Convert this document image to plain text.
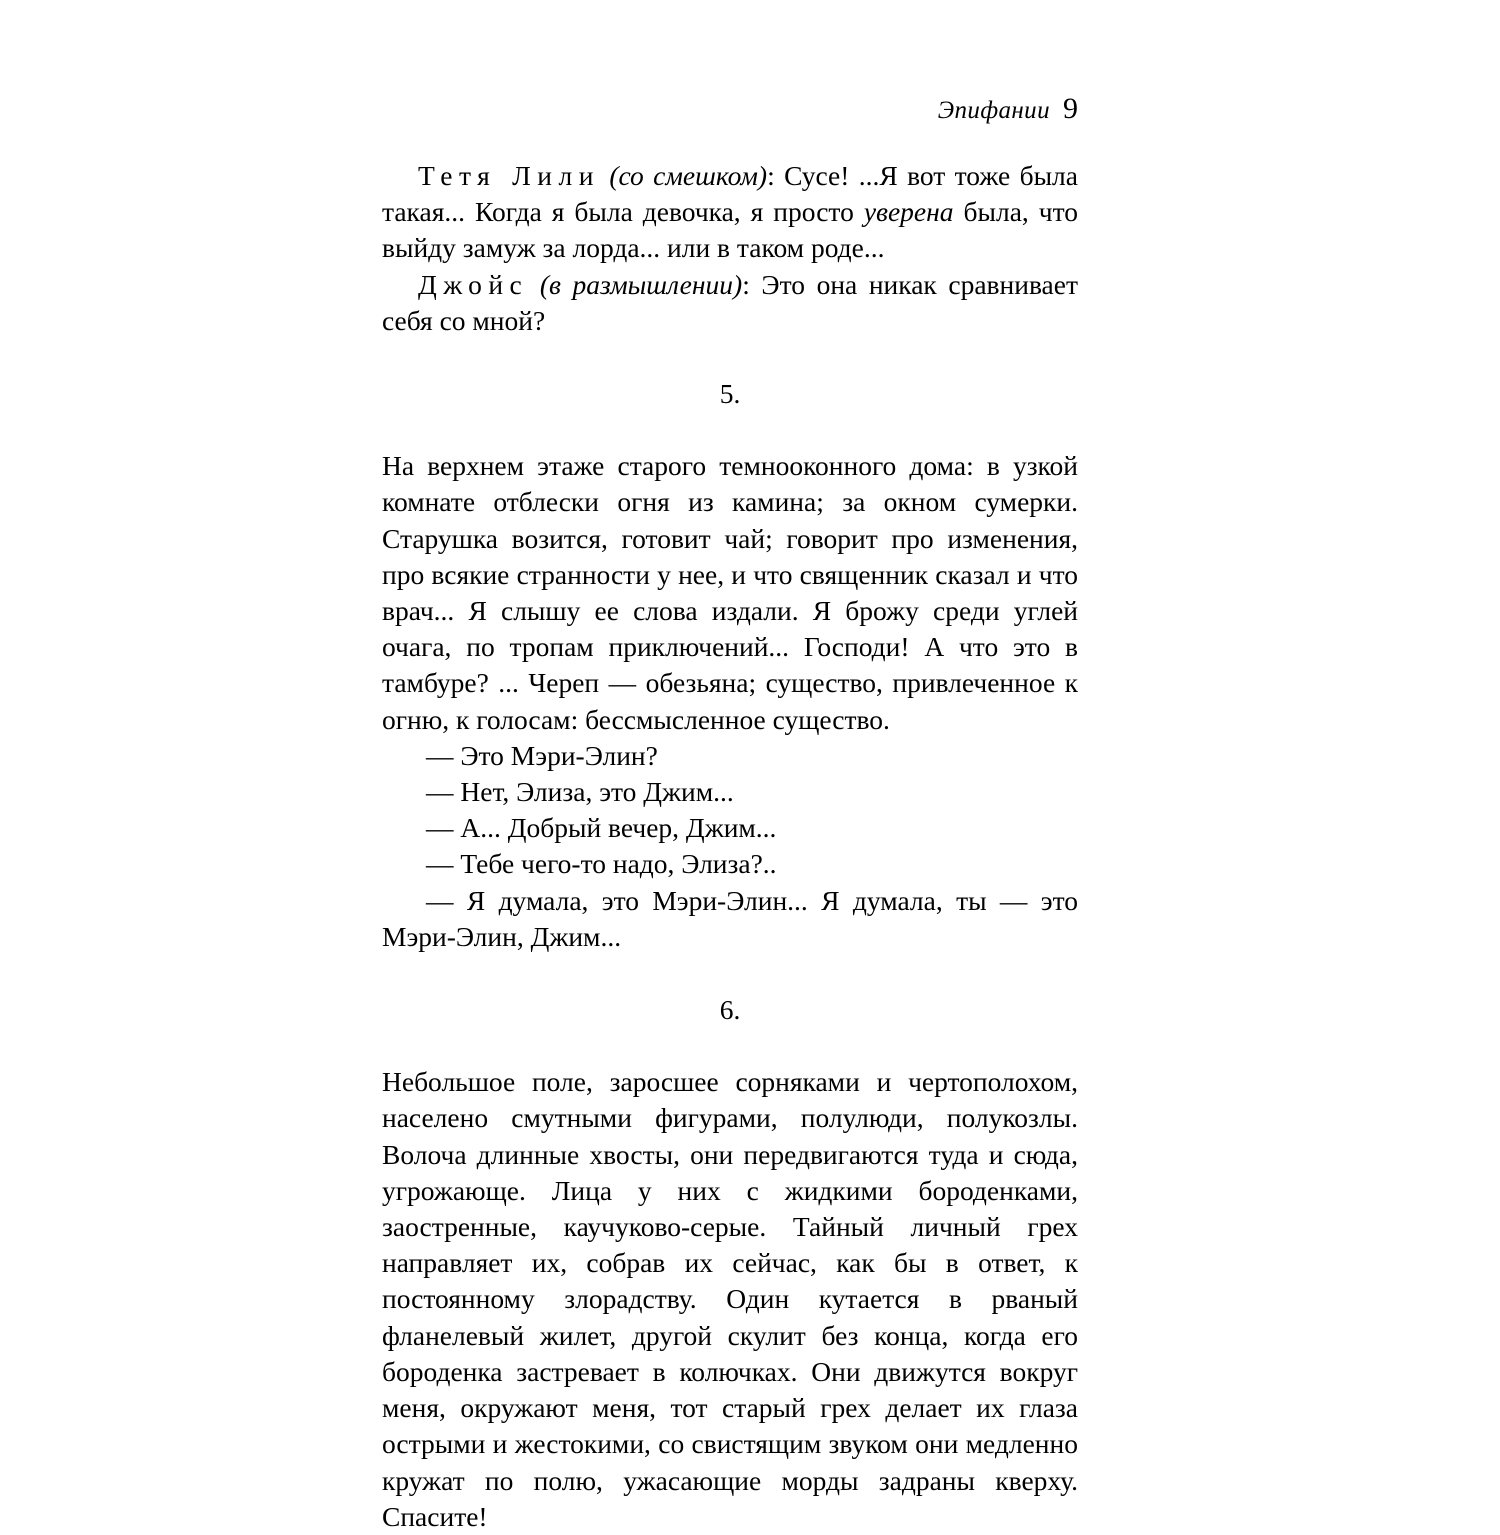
Эпифании 9

Тетя Лили (со смешком): Сусе! ...Я вот тоже была такая... Когда я была девочка, я просто уверена была, что выйду замуж за лорда... или в таком роде...

Джойс (в размышлении): Это она никак сравнивает себя со мной?

5.

На верхнем этаже старого темнооконного дома: в узкой комнате отблески огня из камина; за окном сумерки. Старушка возится, готовит чай; говорит про изменения, про всякие странности у нее, и что священник сказал и что врач... Я слышу ее слова издали. Я брожу среди углей очага, по тропам приключений... Господи! А что это в тамбуре? ... Череп — обезьяна; существо, привлеченное к огню, к голосам: бессмысленное существо.

— Это Мэри-Элин?

— Нет, Элиза, это Джим...

— А... Добрый вечер, Джим...

— Тебе чего-то надо, Элиза?..

— Я думала, это Мэри-Элин... Я думала, ты — это Мэри-Элин, Джим...

6.

Небольшое поле, заросшее сорняками и чертополохом, населено смутными фигурами, полулюди, полукозлы. Волоча длинные хвосты, они передвигаются туда и сюда, угрожающе. Лица у них с жидкими бороденками, заостренные, каучуково-серые. Тайный личный грех направляет их, собрав их сейчас, как бы в ответ, к постоянному злорадству. Один кутается в рваный фланелевый жилет, другой скулит без конца, когда его бороденка застревает в колючках. Они движутся вокруг меня, окружают меня, тот старый грех делает их глаза острыми и жестокими, со свистящим звуком они медленно кружат по полю, ужасающие морды задраны кверху. Спасите!
